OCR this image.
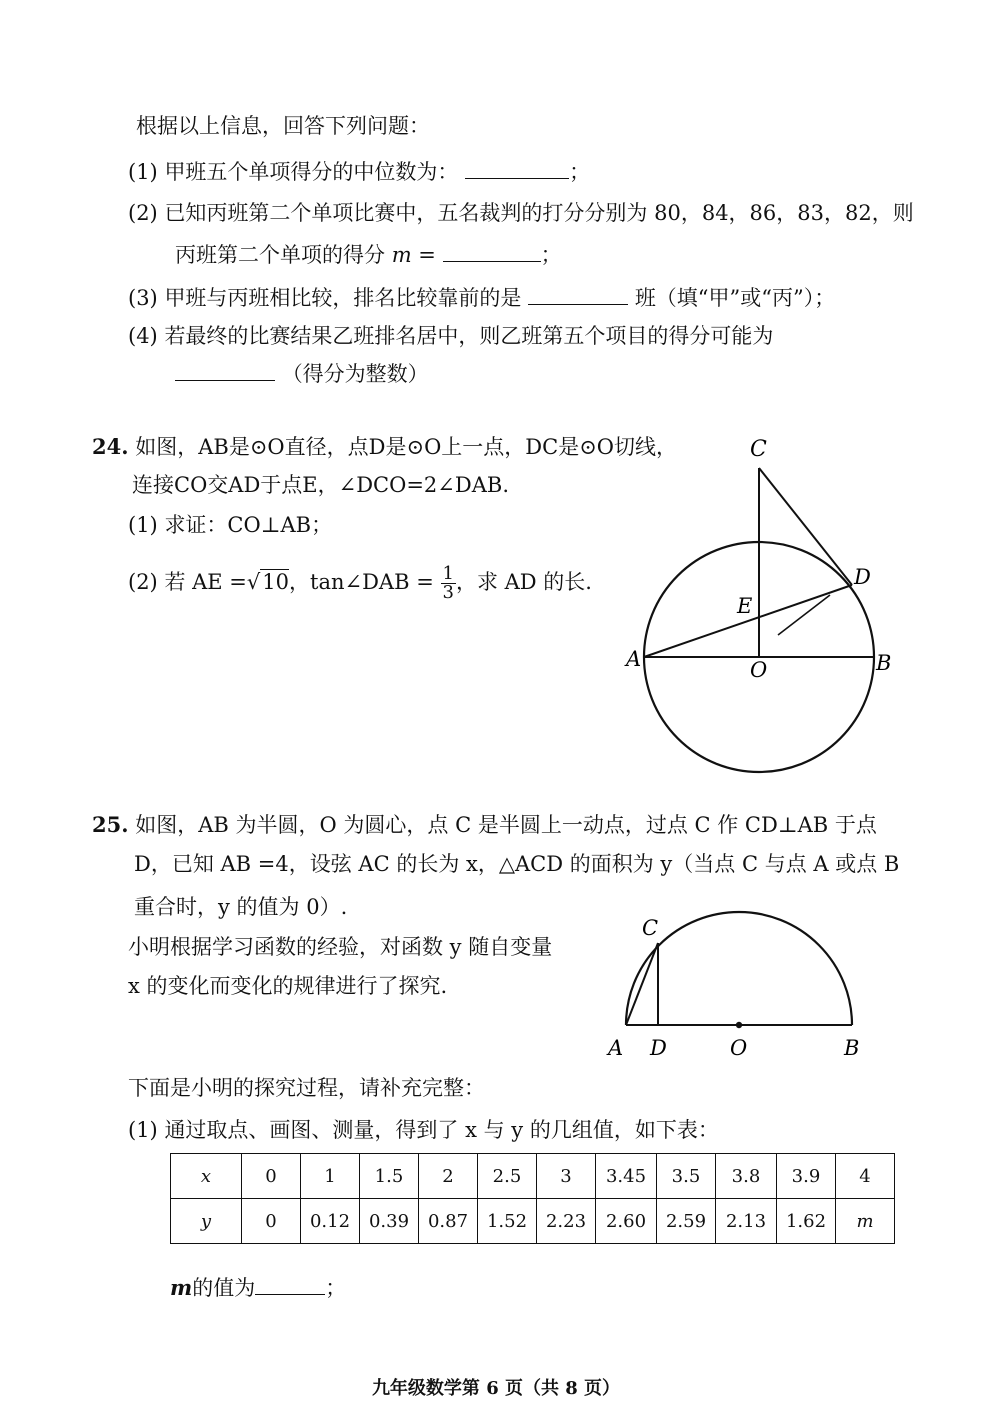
根据以上信息，回答下列问题：
(1) 甲班五个单项得分的中位数为：	；
(2) 已知丙班第二个单项比赛中，五名裁判的打分分别为 80，84，86，83，82，则
丙班第二个单项的得分 m =	；
(3) 甲班与丙班相比较，排名比较靠前的是	班（填“甲”或“丙”）；
(4) 若最终的比赛结果乙班排名居中，则乙班第五个项目的得分可能为
（得分为整数）
24. 如图，AB是⊙O直径，点D是⊙O上一点，DC是⊙O切线，
连接CO交AD于点E，∠DCO=2∠DAB.
(1) 求证：CO⊥AB；
(2) 若 AE =√10，tan∠DAB = $\frac{1}{3}$ ，求 AD 的长.
C
D
E
A	O	B
25. 如图，AB 为半圆，O 为圆心，点 C 是半圆上一动点，过点 C 作 CD⊥AB 于点
D，已知 AB =4，设弦 AC 的长为 x，△ACD 的面积为 y（当点 C 与点 A 或点 B
重合时，y 的值为 0）.
小明根据学习函数的经验，对函数 y 随自变量
x 的变化而变化的规律进行了探究.
C
A D	O	B
下面是小明的探究过程，请补充完整：
(1) 通过取点、画图、测量，得到了 x 与 y 的几组值，如下表：
x	0	1	1.5	2	2.5	3	3.45	3.5	3.8	3.9	4
y	0	0.12	0.39	0.87	1.52	2.23	2.60	2.59	2.13	1.62	m
m的值为	；
九年级数学第 6 页（共 8 页）
